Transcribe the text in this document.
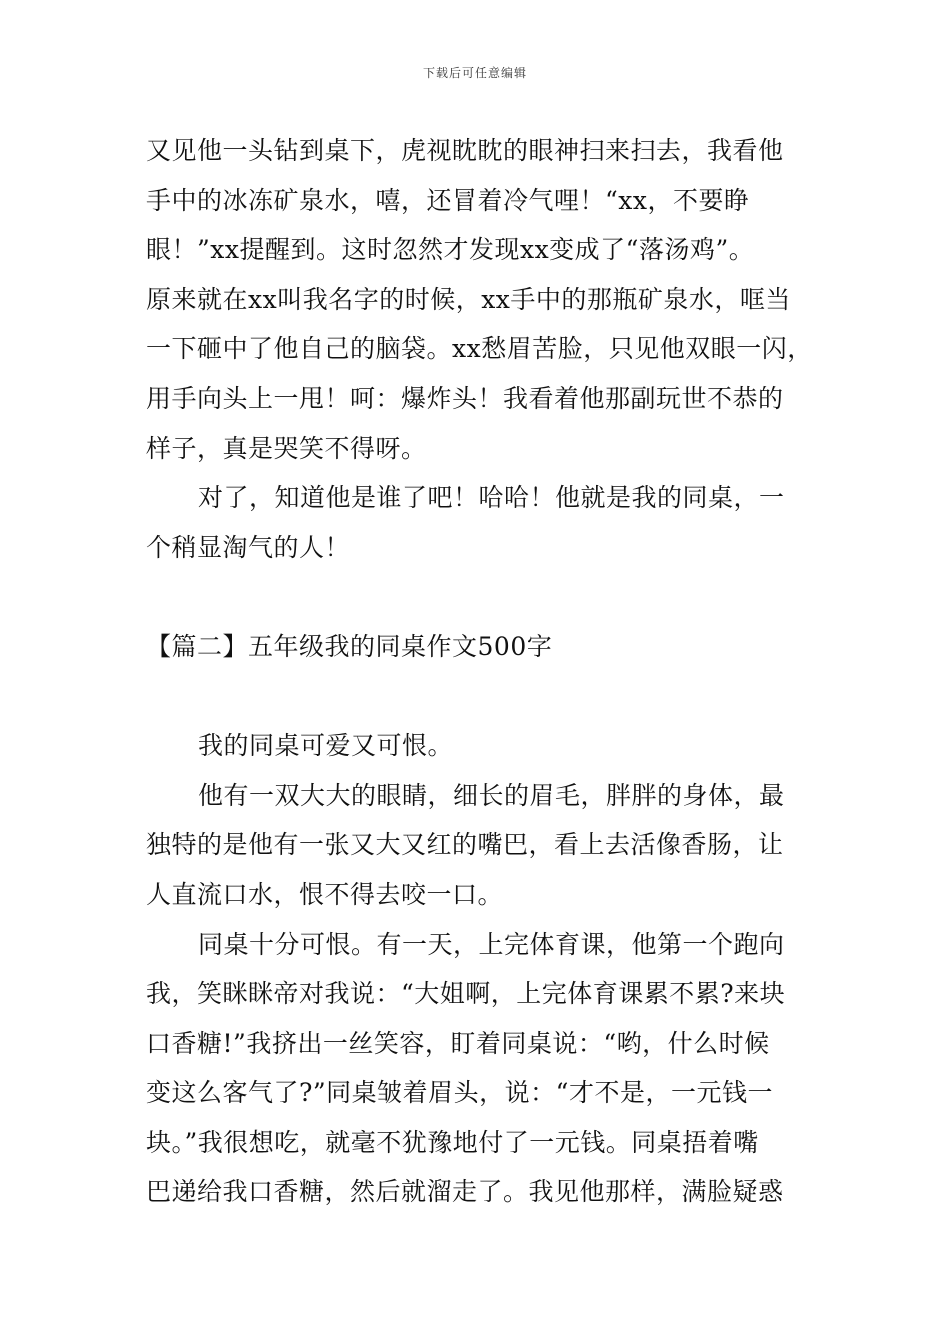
下载后可任意编辑
又见他一头钻到桌下，虎视眈眈的眼神扫来扫去，我看他
手中的冰冻矿泉水，嘻，还冒着冷气哩！“xx，不要睁
眼！”xx提醒到。这时忽然才发现xx变成了“落汤鸡”。
原来就在xx叫我名字的时候，xx手中的那瓶矿泉水，哐当
一下砸中了他自己的脑袋。xx愁眉苦脸，只见他双眼一闪，
用手向头上一甩！呵：爆炸头！我看着他那副玩世不恭的
样子，真是哭笑不得呀。
对了，知道他是谁了吧！哈哈！他就是我的同桌，一
个稍显淘气的人！
【篇二】五年级我的同桌作文500字
我的同桌可爱又可恨。
他有一双大大的眼睛，细长的眉毛，胖胖的身体，最
独特的是他有一张又大又红的嘴巴，看上去活像香肠，让
人直流口水，恨不得去咬一口。
同桌十分可恨。有一天，上完体育课，他第一个跑向
我，笑眯眯帝对我说：“大姐啊，上完体育课累不累?来块
口香糖!”我挤出一丝笑容，盯着同桌说：“哟，什么时候
变这么客气了?”同桌皱着眉头，说：“才不是，一元钱一
块。”我很想吃，就毫不犹豫地付了一元钱。同桌捂着嘴
巴递给我口香糖，然后就溜走了。我见他那样，满脸疑惑
